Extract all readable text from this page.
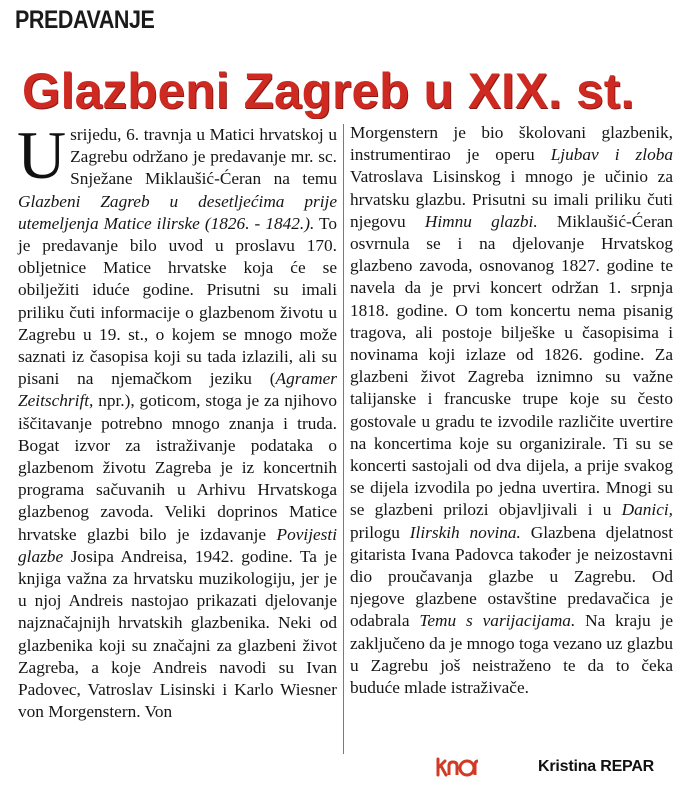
PREDAVANJE
Glazbeni Zagreb u XIX. st.

Usrijedu, 6. travnja u Matici hrvatskoj u Zagrebu održano je predavanje mr. sc. Snježane Miklaušić-Ćeran na temu Glazbeni Zagreb u desetljećima prije utemeljenja Matice ilirske (1826. - 1842.). To je predavanje bilo uvod u proslavu 170. obljetnice Matice hrvatske koja će se obilježiti iduće godine. Prisutni su imali priliku čuti informacije o glazbenom životu u Zagrebu u 19. st., o kojem se mnogo može saznati iz časopisa koji su tada izlazili, ali su pisani na njemačkom jeziku (Agramer Zeitschrift, npr.), goticom, stoga je za njihovo iščitavanje potrebno mnogo znanja i truda. Bogat izvor za istraživanje podataka o glazbenom životu Zagreba je iz koncertnih programa sačuvanih u Arhivu Hrvatskoga glazbenog zavoda. Veliki doprinos Matice hrvatske glazbi bilo je izdavanje Povijesti glazbe Josipa Andreisa, 1942. godine. Ta je knjiga važna za hrvatsku muzikologiju, jer je u njoj Andreis nastojao prikazati djelovanje najznačajnijh hrvatskih glazbenika. Neki od glazbenika koji su značajni za glazbeni život Zagreba, a koje Andreis navodi su Ivan Padovec, Vatroslav Lisinski i Karlo Wiesner von Morgenstern. Von

Morgenstern je bio školovani glazbenik, instrumentirao je operu Ljubav i zloba Vatroslava Lisinskog i mnogo je učinio za hrvatsku glazbu. Prisutni su imali priliku čuti njegovu Himnu glazbi. Miklaušić-Ćeran osvrnula se i na djelovanje Hrvatskog glazbeno zavoda, osnovanog 1827. godine te navela da je prvi koncert održan 1. srpnja 1818. godine. O tom koncertu nema pisanig tragova, ali postoje bilješke u časopisima i novinama koji izlaze od 1826. godine. Za glazbeni život Zagreba iznimno su važne talijanske i francuske trupe koje su često gostovale u gradu te izvodile različite uvertire na koncertima koje su organizirale. Ti su se koncerti sastojali od dva dijela, a prije svakog se dijela izvodila po jedna uvertira. Mnogi su se glazbeni prilozi objavljivali i u Danici, prilogu Ilirskih novina. Glazbena djelatnost gitarista Ivana Padovca također je neizostavni dio proučavanja glazbe u Zagrebu. Od njegove glazbene ostavštine predavačica je odabrala Temu s varijacijama. Na kraju je zaključeno da je mnogo toga vezano uz glazbu u Zagrebu još neistraženo te da to čeka buduće mlade istraživače.

Kristina REPAR
